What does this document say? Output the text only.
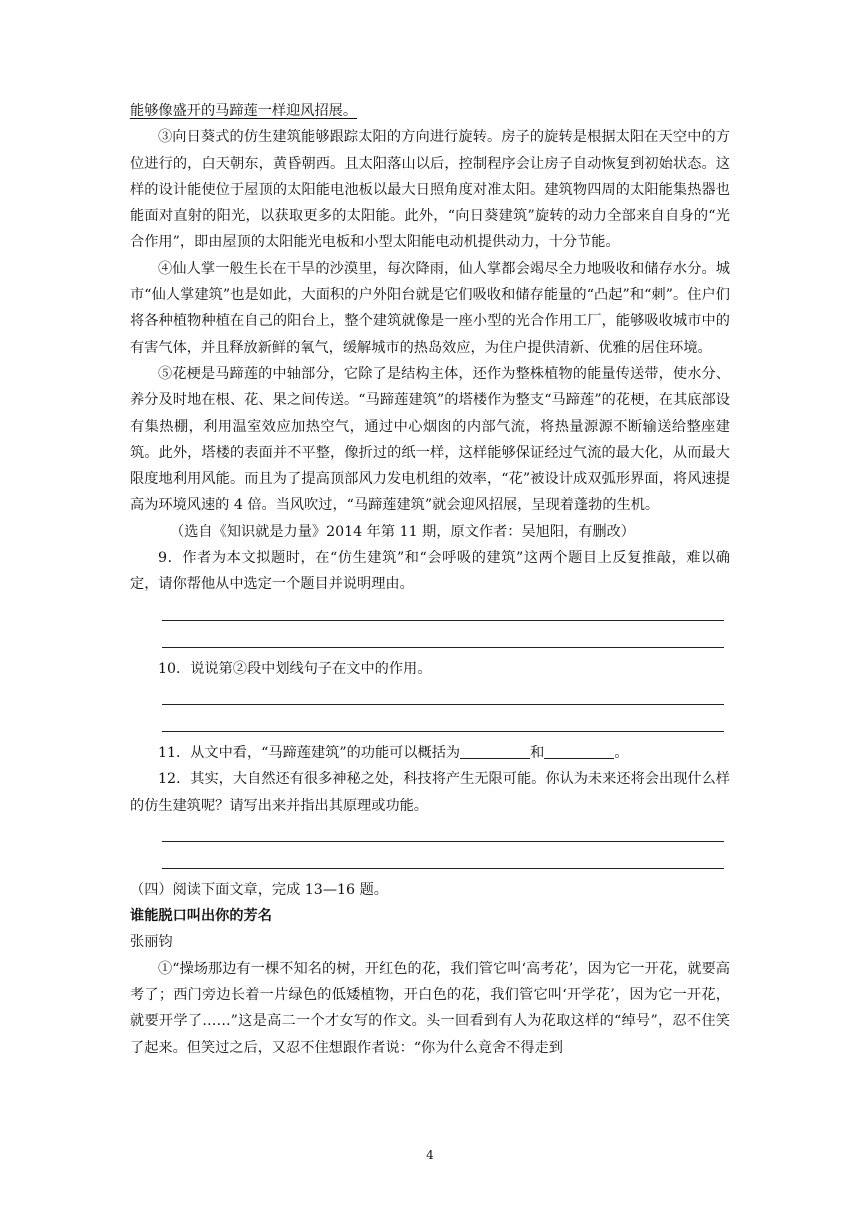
能够像盛开的马蹄莲一样迎风招展。

③向日葵式的仿生建筑能够跟踪太阳的方向进行旋转。房子的旋转是根据太阳在天空中的方位进行的，白天朝东，黄昏朝西。且太阳落山以后，控制程序会让房子自动恢复到初始状态。这样的设计能使位于屋顶的太阳能电池板以最大日照角度对准太阳。建筑物四周的太阳能集热器也能面对直射的阳光，以获取更多的太阳能。此外，“向日葵建筑”旋转的动力全部来自自身的“光合作用”，即由屋顶的太阳能光电板和小型太阳能电动机提供动力，十分节能。

④仙人掌一般生长在干旱的沙漠里，每次降雨，仙人掌都会竭尽全力地吸收和储存水分。城市“仙人掌建筑”也是如此，大面积的户外阳台就是它们吸收和储存能量的“凸起”和“刺”。住户们将各种植物种植在自己的阳台上，整个建筑就像是一座小型的光合作用工厂，能够吸收城市中的有害气体，并且释放新鲜的氧气，缓解城市的热岛效应，为住户提供清新、优雅的居住环境。

⑤花梗是马蹄莲的中轴部分，它除了是结构主体，还作为整株植物的能量传送带，使水分、养分及时地在根、花、果之间传送。“马蹄莲建筑”的塔楼作为整支“马蹄莲”的花梗，在其底部设有集热棚，利用温室效应加热空气，通过中心烟囱的内部气流，将热量源源不断输送给整座建筑。此外，塔楼的表面并不平整，像折过的纸一样，这样能够保证经过气流的最大化，从而最大限度地利用风能。而且为了提高顶部风力发电机组的效率，“花”被设计成双弧形界面，将风速提高为环境风速的 4 倍。当风吹过，“马蹄莲建筑”就会迎风招展，呈现着蓬勃的生机。

（选自《知识就是力量》2014 年第 11 期，原文作者：吴旭阳，有删改）

9．作者为本文拟题时，在“仿生建筑”和“会呼吸的建筑”这两个题目上反复推敲，难以确定，请你帮他从中选定一个题目并说明理由。

10．说说第②段中划线句子在文中的作用。

11．从文中看，“马蹄莲建筑”的功能可以概括为	和	。

12．其实，大自然还有很多神秘之处，科技将产生无限可能。你认为未来还将会出现什么样的仿生建筑呢？请写出来并指出其原理或功能。

（四）阅读下面文章，完成 13—16 题。

谁能脱口叫出你的芳名

张丽钧

①“操场那边有一棵不知名的树，开红色的花，我们管它叫‘高考花’，因为它一开花，就要高考了；西门旁边长着一片绿色的低矮植物，开白色的花，我们管它叫‘开学花’，因为它一开花，就要开学了……”这是高二一个才女写的作文。头一回看到有人为花取这样的“绰号”，忍不住笑了起来。但笑过之后，又忍不住想跟作者说：“你为什么竟舍不得走到

4
